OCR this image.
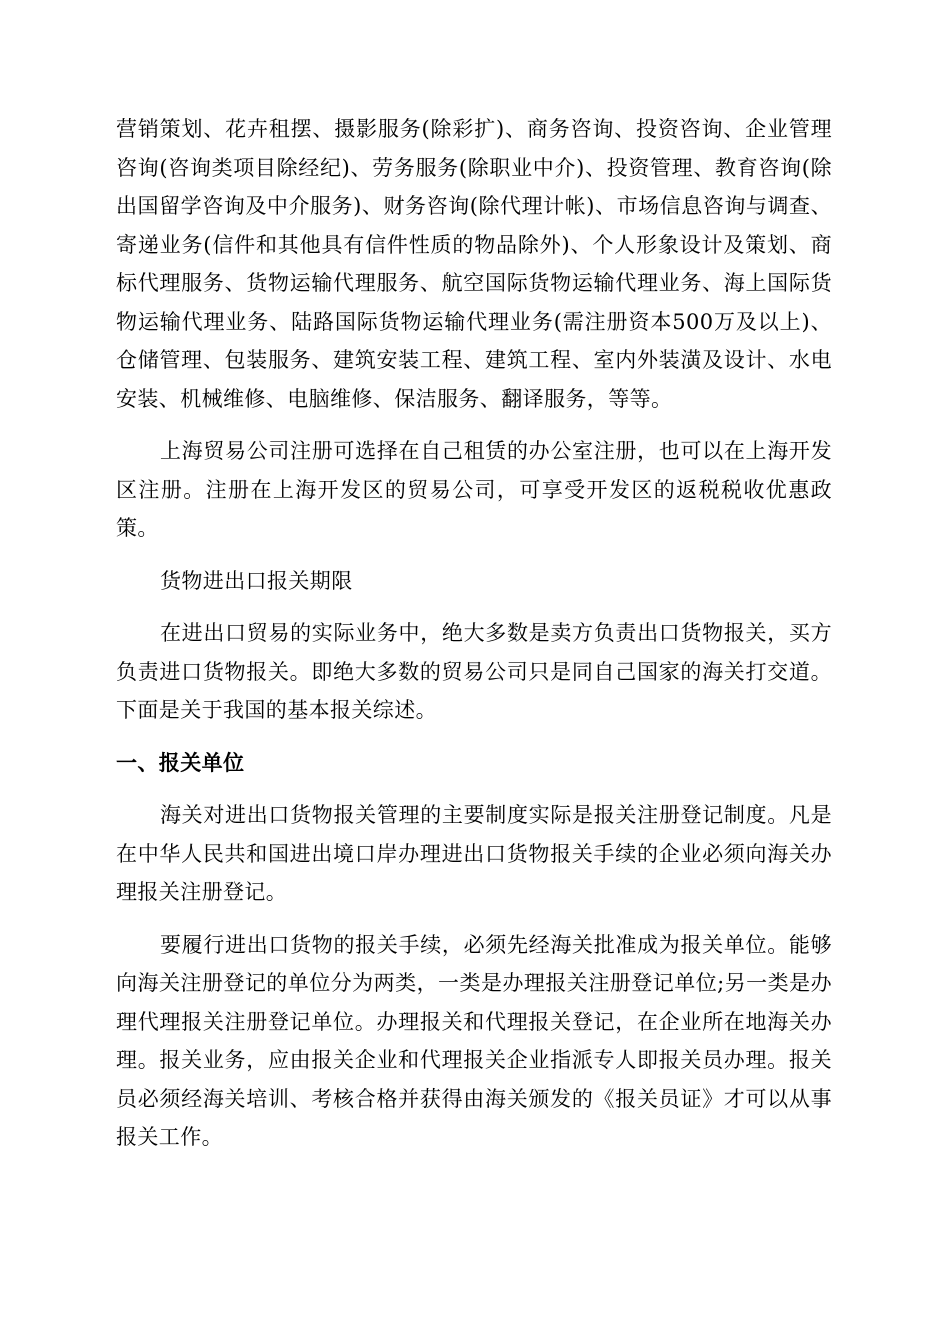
营销策划、花卉租摆、摄影服务(除彩扩)、商务咨询、投资咨询、企业管理咨询(咨询类项目除经纪)、劳务服务(除职业中介)、投资管理、教育咨询(除出国留学咨询及中介服务)、财务咨询(除代理计帐)、市场信息咨询与调查、寄递业务(信件和其他具有信件性质的物品除外)、个人形象设计及策划、商标代理服务、货物运输代理服务、航空国际货物运输代理业务、海上国际货物运输代理业务、陆路国际货物运输代理业务(需注册资本500万及以上)、仓储管理、包装服务、建筑安装工程、建筑工程、室内外装潢及设计、水电安装、机械维修、电脑维修、保洁服务、翻译服务，等等。

上海贸易公司注册可选择在自己租赁的办公室注册，也可以在上海开发区注册。注册在上海开发区的贸易公司，可享受开发区的返税税收优惠政策。

货物进出口报关期限

在进出口贸易的实际业务中，绝大多数是卖方负责出口货物报关，买方负责进口货物报关。即绝大多数的贸易公司只是同自己国家的海关打交道。下面是关于我国的基本报关综述。

一、报关单位

海关对进出口货物报关管理的主要制度实际是报关注册登记制度。凡是在中华人民共和国进出境口岸办理进出口货物报关手续的企业必须向海关办理报关注册登记。

要履行进出口货物的报关手续，必须先经海关批准成为报关单位。能够向海关注册登记的单位分为两类，一类是办理报关注册登记单位;另一类是办理代理报关注册登记单位。办理报关和代理报关登记，在企业所在地海关办理。报关业务，应由报关企业和代理报关企业指派专人即报关员办理。报关员必须经海关培训、考核合格并获得由海关颁发的《报关员证》才可以从事报关工作。
